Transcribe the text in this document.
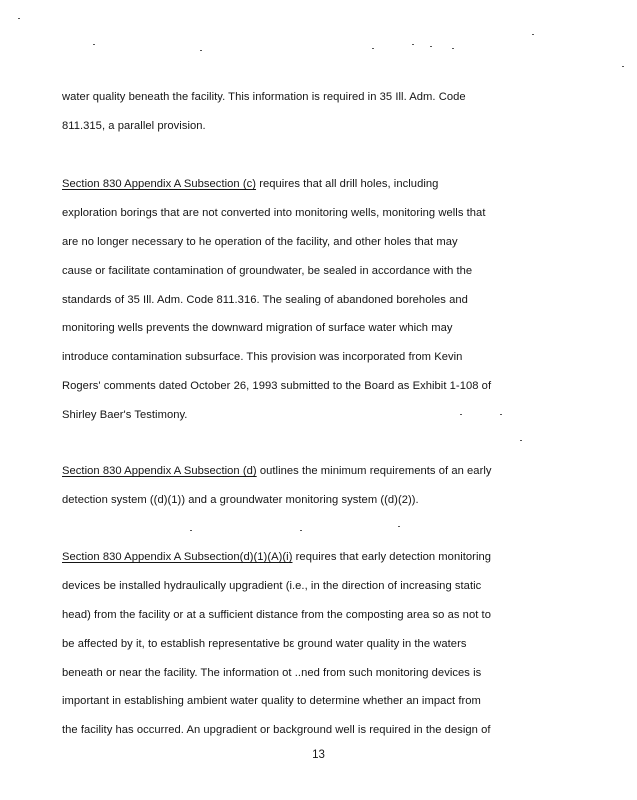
water quality beneath the facility. This information is required in 35 Ill. Adm. Code
811.315, a parallel provision.
Section 830 Appendix A Subsection (c) requires that all drill holes, including
exploration borings that are not converted into monitoring wells, monitoring wells that
are no longer necessary to he operation of the facility, and other holes that may
cause or facilitate contamination of groundwater, be sealed in accordance with the
standards of 35 Ill. Adm. Code 811.316. The sealing of abandoned boreholes and
monitoring wells prevents the downward migration of surface water which may
introduce contamination subsurface. This provision was incorporated from Kevin
Rogers' comments dated October 26, 1993 submitted to the Board as Exhibit 1-108 of
Shirley Baer's Testimony.
Section 830 Appendix A Subsection (d) outlines the minimum requirements of an early
detection system ((d)(1)) and a groundwater monitoring system ((d)(2)).
Section 830 Appendix A Subsection(d)(1)(A)(i) requires that early detection monitoring
devices be installed hydraulically upgradient (i.e., in the direction of increasing static
head) from the facility or at a sufficient distance from the composting area so as not to
be affected by it, to establish representative bε ground water quality in the waters
beneath or near the facility. The information ot ..ned from such monitoring devices is
important in establishing ambient water quality to determine whether an impact from
the facility has occurred. An upgradient or background well is required in the design of
13
